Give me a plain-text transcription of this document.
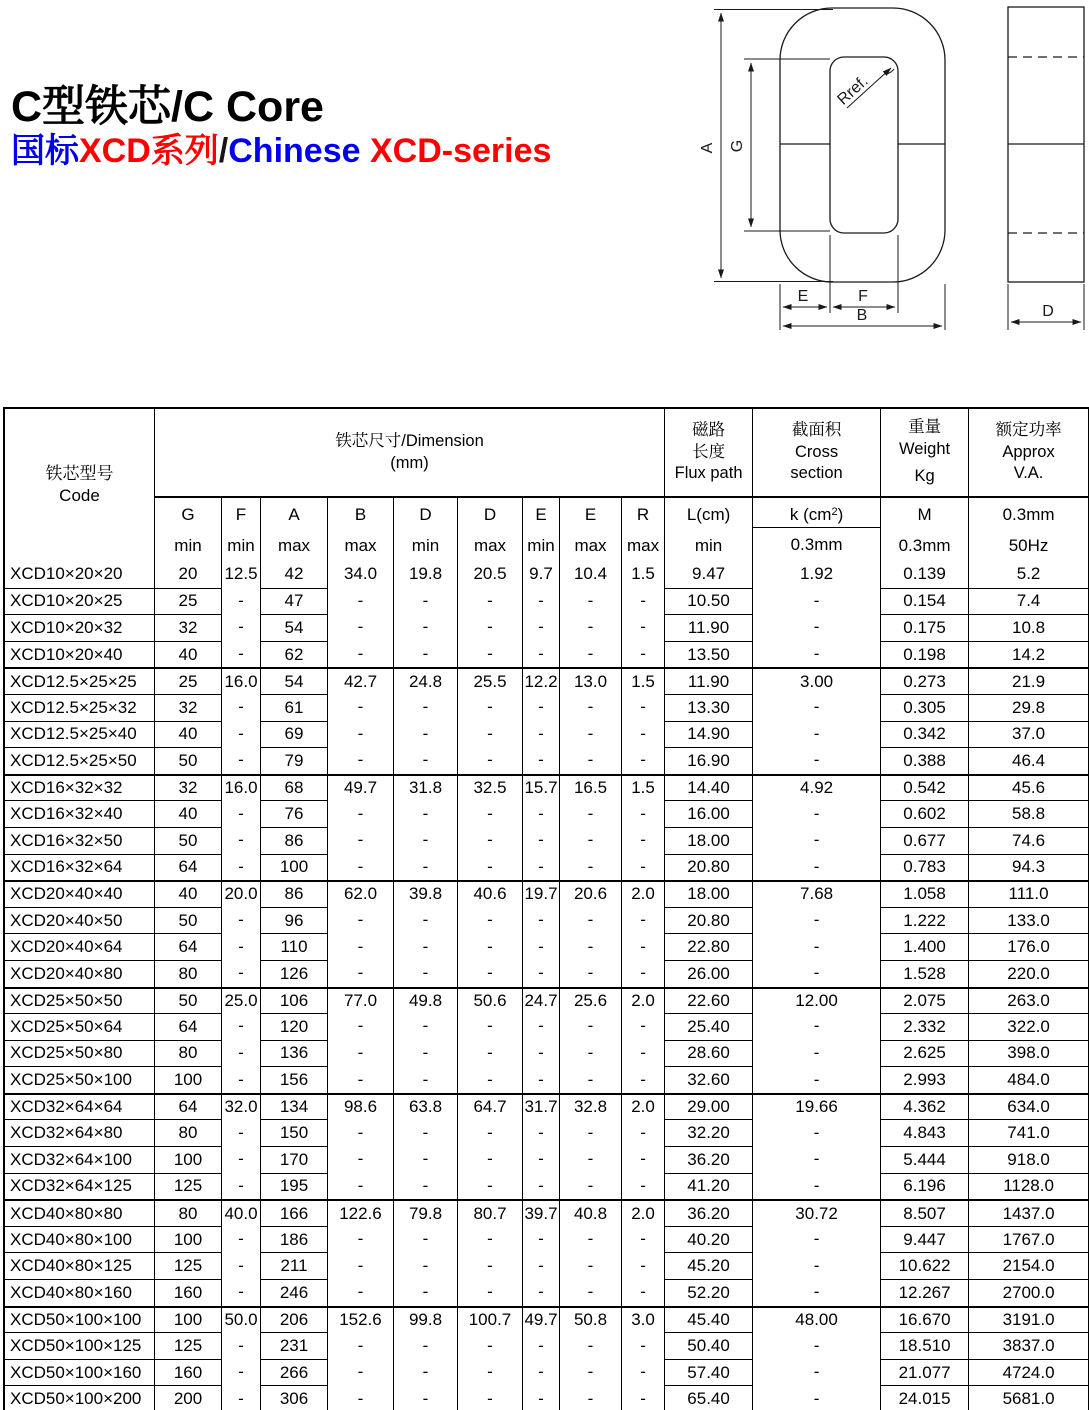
C型铁芯/C Core
国标XCD系列/Chinese XCD-series	A G
Rref.
E	F
B	D
铁芯型号
Code

铁芯尺寸/Dimension
(mm)

磁路
长度
Flux path

截面积
Cross
section

重量
Weight
Kg

额定功率
Approx
V.A.

G
min

F
min

A
max

B
max

D
min

D
max

E
min

E
max

R
max

L(cm)
min

k $(cm^2)$
0.3mm

M
0.3mm

0.3mm
50Hz

XCD10×20×20	20	12.5	42	34.0	19.8	20.5	9.7	10.4	1.5	9.47	1.92	0.139	5.2
XCD10×20×25	25	-	47	-	-	-	-	-	-	10.50	-	0.154	7.4
XCD10×20×32	32	-	54	-	-	-	-	-	-	11.90	-	0.175	10.8
XCD10×20×40	40	-	62	-	-	-	-	-	-	13.50	-	0.198	14.2
XCD12.5×25×25	25	16.0	54	42.7	24.8	25.5	12.2	13.0	1.5	11.90	3.00	0.273	21.9
XCD12.5×25×32	32	-	61	-	-	-	-	-	-	13.30	-	0.305	29.8
XCD12.5×25×40	40	-	69	-	-	-	-	-	-	14.90	-	0.342	37.0
XCD12.5×25×50	50	-	79	-	-	-	-	-	-	16.90	-	0.388	46.4
XCD16×32×32	32	16.0	68	49.7	31.8	32.5	15.7	16.5	1.5	14.40	4.92	0.542	45.6
XCD16×32×40	40	-	76	-	-	-	-	-	-	16.00	-	0.602	58.8
XCD16×32×50	50	-	86	-	-	-	-	-	-	18.00	-	0.677	74.6
XCD16×32×64	64	-	100	-	-	-	-	-	-	20.80	-	0.783	94.3
XCD20×40×40	40	20.0	86	62.0	39.8	40.6	19.7	20.6	2.0	18.00	7.68	1.058	111.0
XCD20×40×50	50	-	96	-	-	-	-	-	-	20.80	-	1.222	133.0
XCD20×40×64	64	-	110	-	-	-	-	-	-	22.80	-	1.400	176.0
XCD20×40×80	80	-	126	-	-	-	-	-	-	26.00	-	1.528	220.0
XCD25×50×50	50	25.0	106	77.0	49.8	50.6	24.7	25.6	2.0	22.60	12.00	2.075	263.0
XCD25×50×64	64	-	120	-	-	-	-	-	-	25.40	-	2.332	322.0
XCD25×50×80	80	-	136	-	-	-	-	-	-	28.60	-	2.625	398.0
XCD25×50×100	100	-	156	-	-	-	-	-	-	32.60	-	2.993	484.0
XCD32×64×64	64	32.0	134	98.6	63.8	64.7	31.7	32.8	2.0	29.00	19.66	4.362	634.0
XCD32×64×80	80	-	150	-	-	-	-	-	-	32.20	-	4.843	741.0
XCD32×64×100	100	-	170	-	-	-	-	-	-	36.20	-	5.444	918.0
XCD32×64×125	125	-	195	-	-	-	-	-	-	41.20	-	6.196	1128.0
XCD40×80×80	80	40.0	166	122.6	79.8	80.7	39.7	40.8	2.0	36.20	30.72	8.507	1437.0
XCD40×80×100	100	-	186	-	-	-	-	-	-	40.20	-	9.447	1767.0
XCD40×80×125	125	-	211	-	-	-	-	-	-	45.20	-	10.622	2154.0
XCD40×80×160	160	-	246	-	-	-	-	-	-	52.20	-	12.267	2700.0
XCD50×100×100	100	50.0	206	152.6	99.8	100.7	49.7	50.8	3.0	45.40	48.00	16.670	3191.0
XCD50×100×125	125	-	231	-	-	-	-	-	-	50.40	-	18.510	3837.0
XCD50×100×160	160	-	266	-	-	-	-	-	-	57.40	-	21.077	4724.0
XCD50×100×200	200	-	306	-	-	-	-	-	-	65.40	-	24.015	5681.0
